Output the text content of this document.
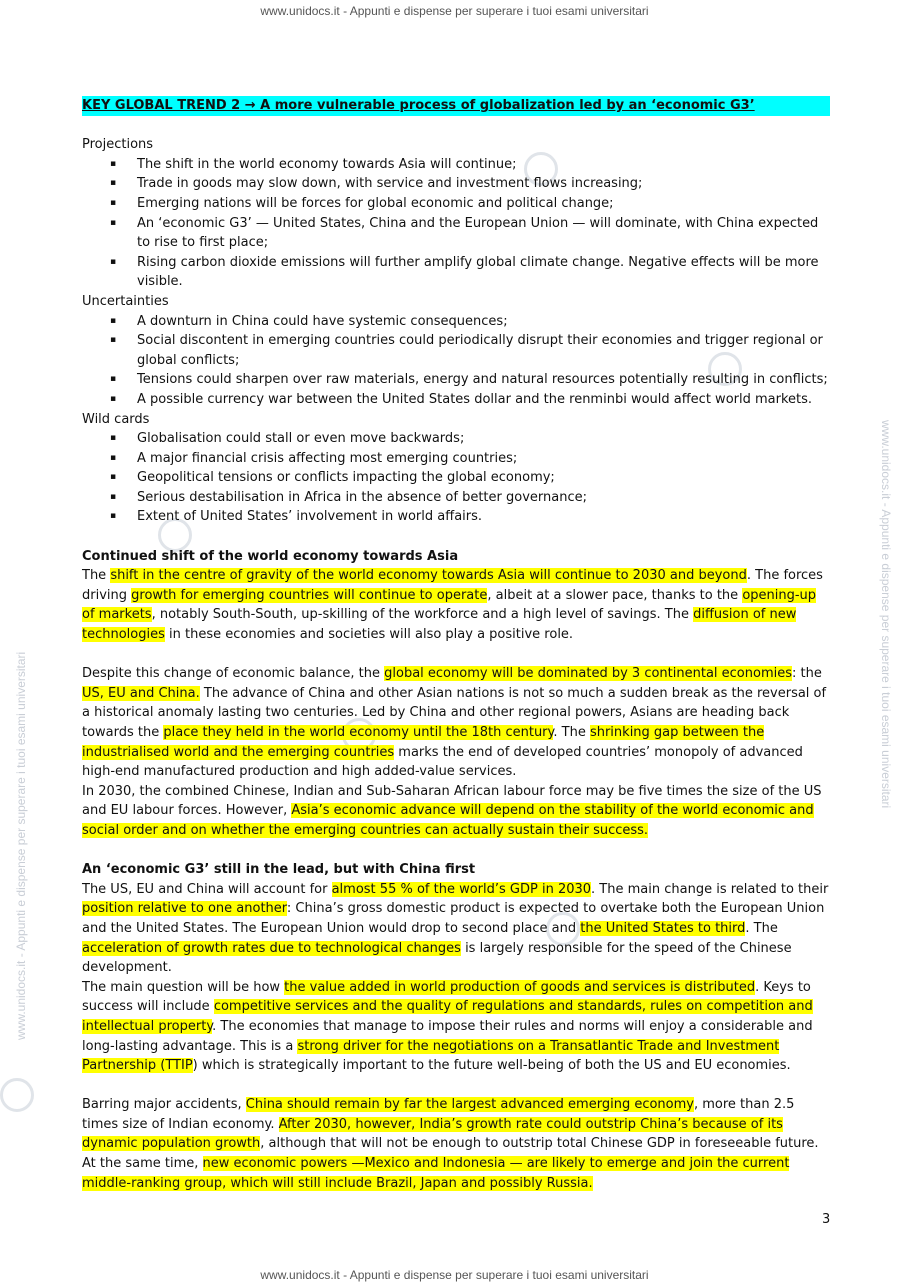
www.unidocs.it - Appunti e dispense per superare i tuoi esami universitari
www.unidocs.it - Appunti e dispense per superare i tuoi esami universitari
www.unidocs.it - Appunti e dispense per superare i tuoi esami universitari
www.unidocs.it - Appunti e dispense per superare i tuoi esami universitari

KEY GLOBAL TREND 2 → A more vulnerable process of globalization led by an ‘economic G3’

Projections

▪ The shift in the world economy towards Asia will continue;
▪ Trade in goods may slow down, with service and investment flows increasing;
▪ Emerging nations will be forces for global economic and political change;
▪ An ‘economic G3’ — United States, China and the European Union — will dominate, with China expected to rise to first place;
▪ Rising carbon dioxide emissions will further amplify global climate change. Negative effects will be more visible.

Uncertainties

▪ A downturn in China could have systemic consequences;
▪ Social discontent in emerging countries could periodically disrupt their economies and trigger regional or global conflicts;
▪ Tensions could sharpen over raw materials, energy and natural resources potentially resulting in conflicts;
▪ A possible currency war between the United States dollar and the renminbi would affect world markets.

Wild cards

▪ Globalisation could stall or even move backwards;
▪ A major financial crisis affecting most emerging countries;
▪ Geopolitical tensions or conflicts impacting the global economy;
▪ Serious destabilisation in Africa in the absence of better governance;
▪ Extent of United States’ involvement in world affairs.

Continued shift of the world economy towards Asia

The shift in the centre of gravity of the world economy towards Asia will continue to 2030 and beyond. The forces driving growth for emerging countries will continue to operate, albeit at a slower pace, thanks to the opening-up of markets, notably South-South, up-skilling of the workforce and a high level of savings. The diffusion of new technologies in these economies and societies will also play a positive role.

Despite this change of economic balance, the global economy will be dominated by 3 continental economies: the US, EU and China. The advance of China and other Asian nations is not so much a sudden break as the reversal of a historical anomaly lasting two centuries. Led by China and other regional powers, Asians are heading back towards the place they held in the world economy until the 18th century. The shrinking gap between the industrialised world and the emerging countries marks the end of developed countries’ monopoly of advanced high-end manufactured production and high added-value services.

In 2030, the combined Chinese, Indian and Sub-Saharan African labour force may be five times the size of the US and EU labour forces. However, Asia’s economic advance will depend on the stability of the world economic and social order and on whether the emerging countries can actually sustain their success.

An ‘economic G3’ still in the lead, but with China first

The US, EU and China will account for almost 55 % of the world’s GDP in 2030. The main change is related to their position relative to one another: China’s gross domestic product is expected to overtake both the European Union and the United States. The European Union would drop to second place and the United States to third. The acceleration of growth rates due to technological changes is largely responsible for the speed of the Chinese development.

The main question will be how the value added in world production of goods and services is distributed. Keys to success will include competitive services and the quality of regulations and standards, rules on competition and intellectual property. The economies that manage to impose their rules and norms will enjoy a considerable and long-lasting advantage. This is a strong driver for the negotiations on a Transatlantic Trade and Investment Partnership (TTIP) which is strategically important to the future well-being of both the US and EU economies.

Barring major accidents, China should remain by far the largest advanced emerging economy, more than 2.5 times size of Indian economy. After 2030, however, India’s growth rate could outstrip China’s because of its dynamic population growth, although that will not be enough to outstrip total Chinese GDP in foreseeable future. At the same time, new economic powers —Mexico and Indonesia — are likely to emerge and join the current middle-ranking group, which will still include Brazil, Japan and possibly Russia.

3
